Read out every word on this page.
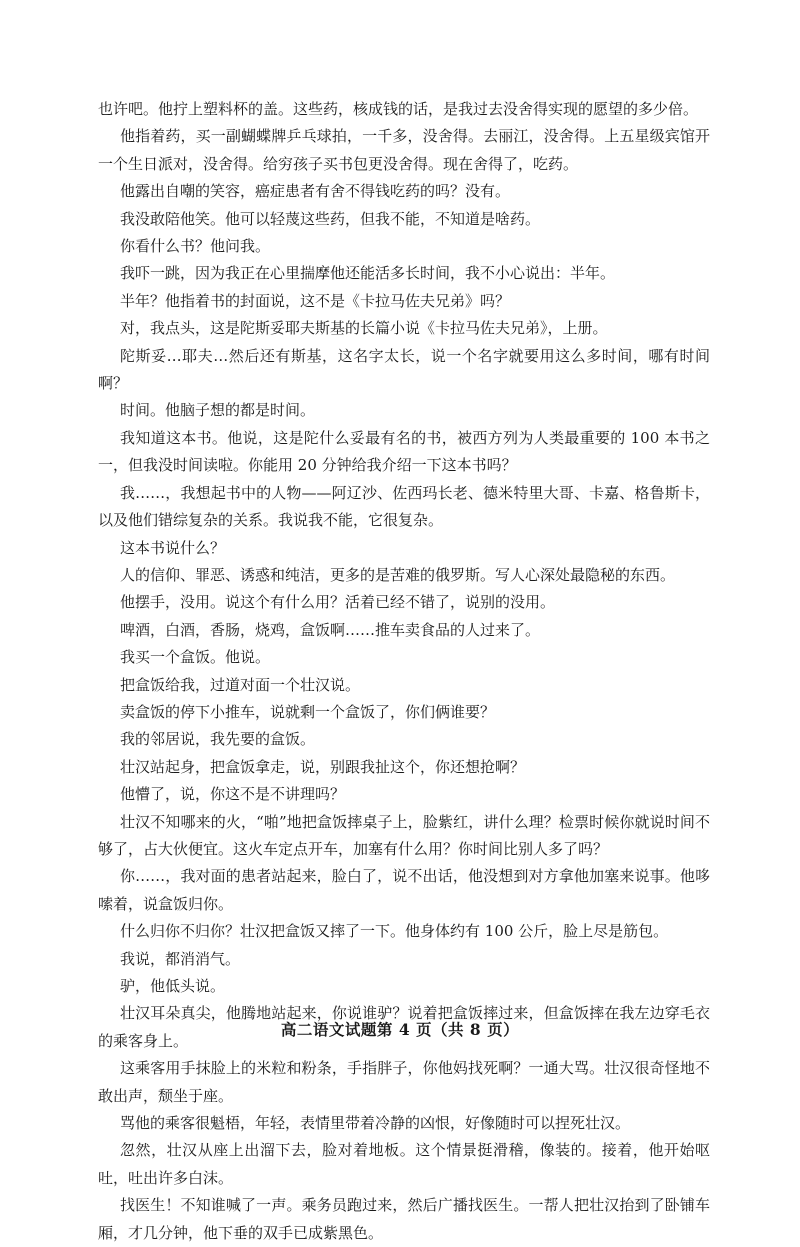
也许吧。他拧上塑料杯的盖。这些药，核成钱的话，是我过去没舍得实现的愿望的多少倍。

他指着药，买一副蝴蝶牌乒乓球拍，一千多，没舍得。去丽江，没舍得。上五星级宾馆开一个生日派对，没舍得。给穷孩子买书包更没舍得。现在舍得了，吃药。

他露出自嘲的笑容，癌症患者有舍不得钱吃药的吗？没有。

我没敢陪他笑。他可以轻蔑这些药，但我不能，不知道是啥药。

你看什么书？他问我。

我吓一跳，因为我正在心里揣摩他还能活多长时间，我不小心说出：半年。

半年？他指着书的封面说，这不是《卡拉马佐夫兄弟》吗？

对，我点头，这是陀斯妥耶夫斯基的长篇小说《卡拉马佐夫兄弟》，上册。

陀斯妥…耶夫…然后还有斯基，这名字太长，说一个名字就要用这么多时间，哪有时间啊？

时间。他脑子想的都是时间。

我知道这本书。他说，这是陀什么妥最有名的书，被西方列为人类最重要的 100 本书之一，但我没时间读啦。你能用 20 分钟给我介绍一下这本书吗？

我……，我想起书中的人物——阿辽沙、佐西玛长老、德米特里大哥、卡嘉、格鲁斯卡，以及他们错综复杂的关系。我说我不能，它很复杂。

这本书说什么？

人的信仰、罪恶、诱惑和纯洁，更多的是苦难的俄罗斯。写人心深处最隐秘的东西。

他摆手，没用。说这个有什么用？活着已经不错了，说别的没用。

啤酒，白酒，香肠，烧鸡，盒饭啊……推车卖食品的人过来了。

我买一个盒饭。他说。

把盒饭给我，过道对面一个壮汉说。

卖盒饭的停下小推车，说就剩一个盒饭了，你们俩谁要？

我的邻居说，我先要的盒饭。

壮汉站起身，把盒饭拿走，说，别跟我扯这个，你还想抢啊？

他懵了，说，你这不是不讲理吗？

壮汉不知哪来的火，“啪”地把盒饭摔桌子上，脸紫红，讲什么理？检票时候你就说时间不够了，占大伙便宜。这火车定点开车，加塞有什么用？你时间比别人多了吗？

你……，我对面的患者站起来，脸白了，说不出话，他没想到对方拿他加塞来说事。他哆嗦着，说盒饭归你。

什么归你不归你？壮汉把盒饭又摔了一下。他身体约有 100 公斤，脸上尽是筋包。

我说，都消消气。

驴，他低头说。

壮汉耳朵真尖，他腾地站起来，你说谁驴？说着把盒饭摔过来，但盒饭摔在我左边穿毛衣的乘客身上。

这乘客用手抹脸上的米粒和粉条，手指胖子，你他妈找死啊？一通大骂。壮汉很奇怪地不敢出声，颓坐于座。

骂他的乘客很魁梧，年轻，表情里带着冷静的凶恨，好像随时可以捏死壮汉。

忽然，壮汉从座上出溜下去，脸对着地板。这个情景挺滑稽，像装的。接着，他开始呕吐，吐出许多白沫。

找医生！不知谁喊了一声。乘务员跑过来，然后广播找医生。一帮人把壮汉抬到了卧铺车厢，才几分钟，他下垂的双手已成紫黑色。

高二语文试题第 4 页（共 8 页）
